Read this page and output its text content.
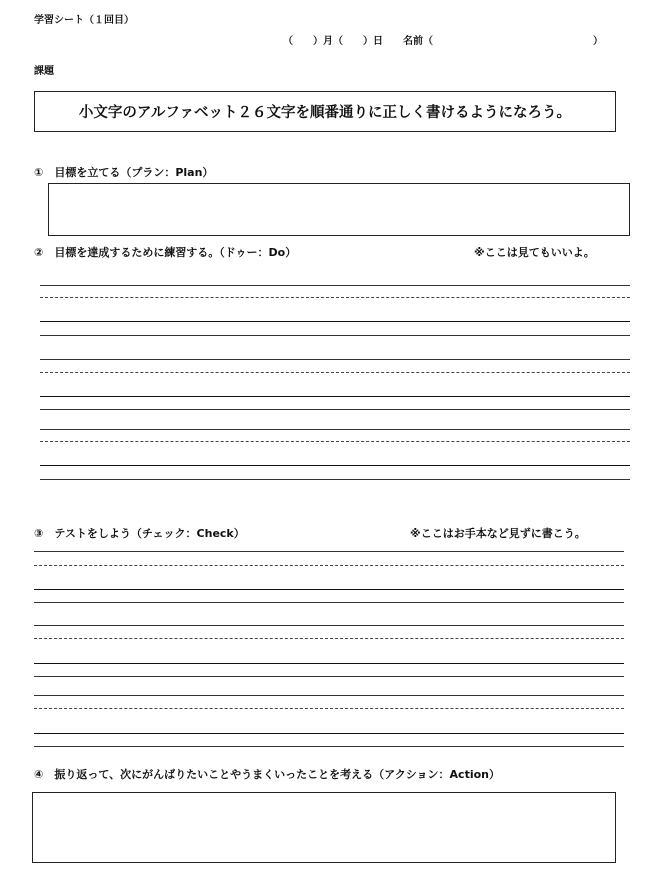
学習シート（１回目）
（　　）月（　　）日　　名前（　　　　　　　　　　　　　　　　）
課題
小文字のアルファベット２６文字を順番通りに正しく書けるようになろう。
①　目標を立てる（プラン：Plan）
②　目標を達成するために練習する。（ドゥー：Do）	※ここは見てもいいよ。
③　テストをしよう（チェック：Check）	※ここはお手本など見ずに書こう。
④　振り返って、次にがんばりたいことやうまくいったことを考える（アクション：Action）
